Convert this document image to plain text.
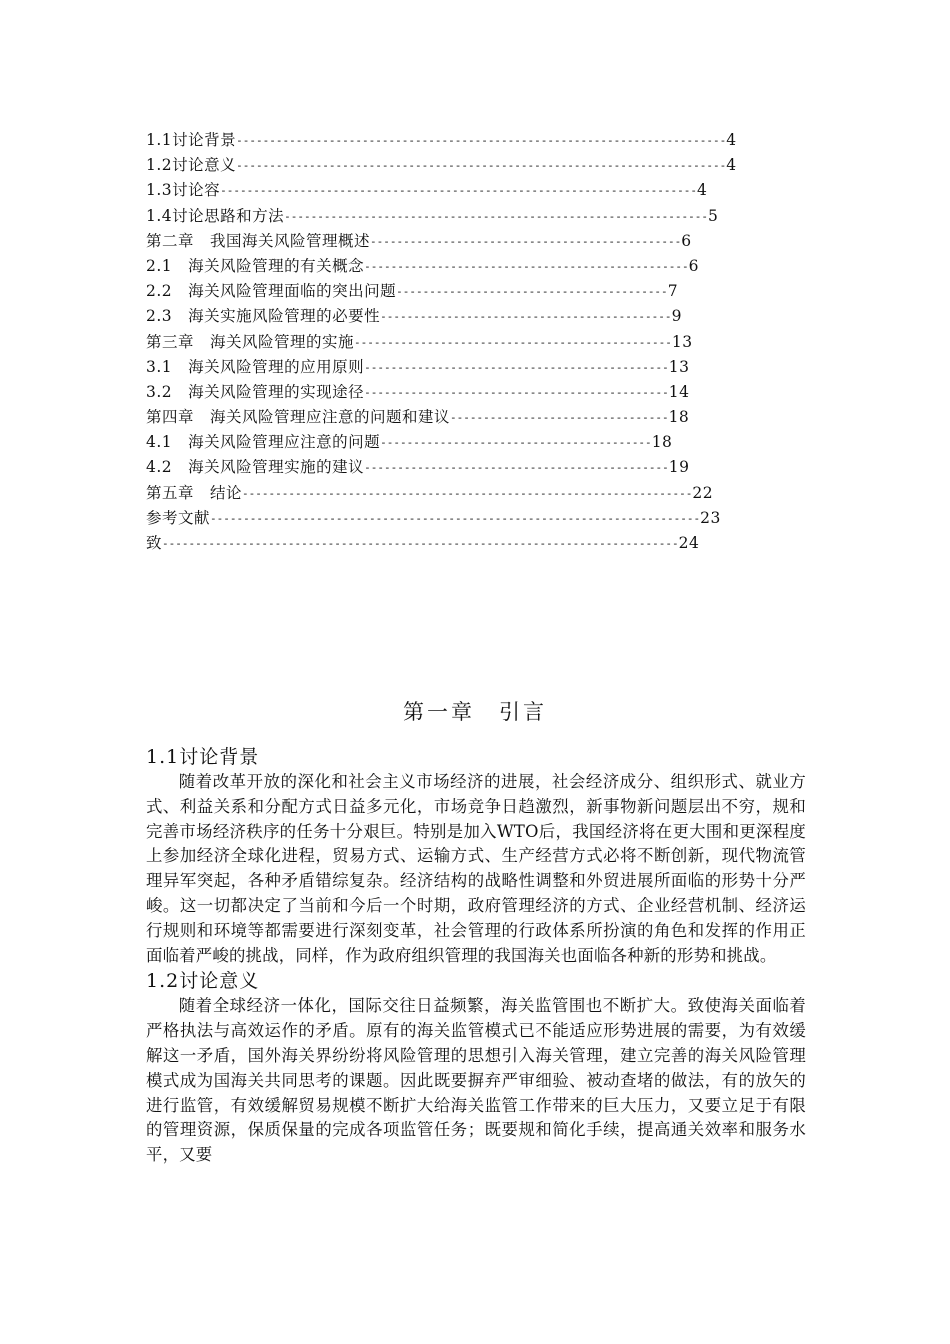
1.1讨论背景--------------------------------------------------------------------------4
1.2讨论意义--------------------------------------------------------------------------4
1.3讨论容------------------------------------------------------------------------4
1.4讨论思路和方法----------------------------------------------------------------5
第二章　我国海关风险管理概述-----------------------------------------------6
2.1　海关风险管理的有关概念-------------------------------------------------6
2.2　海关风险管理面临的突出问题-----------------------------------------7
2.3　海关实施风险管理的必要性--------------------------------------------9
第三章　海关风险管理的实施------------------------------------------------13
3.1　海关风险管理的应用原则----------------------------------------------13
3.2　海关风险管理的实现途径----------------------------------------------14
第四章　海关风险管理应注意的问题和建议---------------------------------18
4.1　海关风险管理应注意的问题-----------------------------------------18
4.2　海关风险管理实施的建议----------------------------------------------19
第五章　结论--------------------------------------------------------------------22
参考文献--------------------------------------------------------------------------23
致------------------------------------------------------------------------------24
第一章　引言
1.1讨论背景

随着改革开放的深化和社会主义市场经济的进展，社会经济成分、组织形式、就业方式、利益关系和分配方式日益多元化，市场竞争日趋激烈，新事物新问题层出不穷，规和完善市场经济秩序的任务十分艰巨。特别是加入WTO后，我国经济将在更大围和更深程度上参加经济全球化进程，贸易方式、运输方式、生产经营方式必将不断创新，现代物流管理异军突起，各种矛盾错综复杂。经济结构的战略性调整和外贸进展所面临的形势十分严峻。这一切都决定了当前和今后一个时期，政府管理经济的方式、企业经营机制、经济运行规则和环境等都需要进行深刻变革，社会管理的行政体系所扮演的角色和发挥的作用正面临着严峻的挑战，同样，作为政府组织管理的我国海关也面临各种新的形势和挑战。

1.2讨论意义

随着全球经济一体化，国际交往日益频繁，海关监管围也不断扩大。致使海关面临着严格执法与高效运作的矛盾。原有的海关监管模式已不能适应形势进展的需要，为有效缓解这一矛盾，国外海关界纷纷将风险管理的思想引入海关管理，建立完善的海关风险管理模式成为国海关共同思考的课题。因此既要摒弃严审细验、被动查堵的做法，有的放矢的进行监管，有效缓解贸易规模不断扩大给海关监管工作带来的巨大压力，又要立足于有限的管理资源，保质保量的完成各项监管任务；既要规和简化手续，提高通关效率和服务水平，又要
